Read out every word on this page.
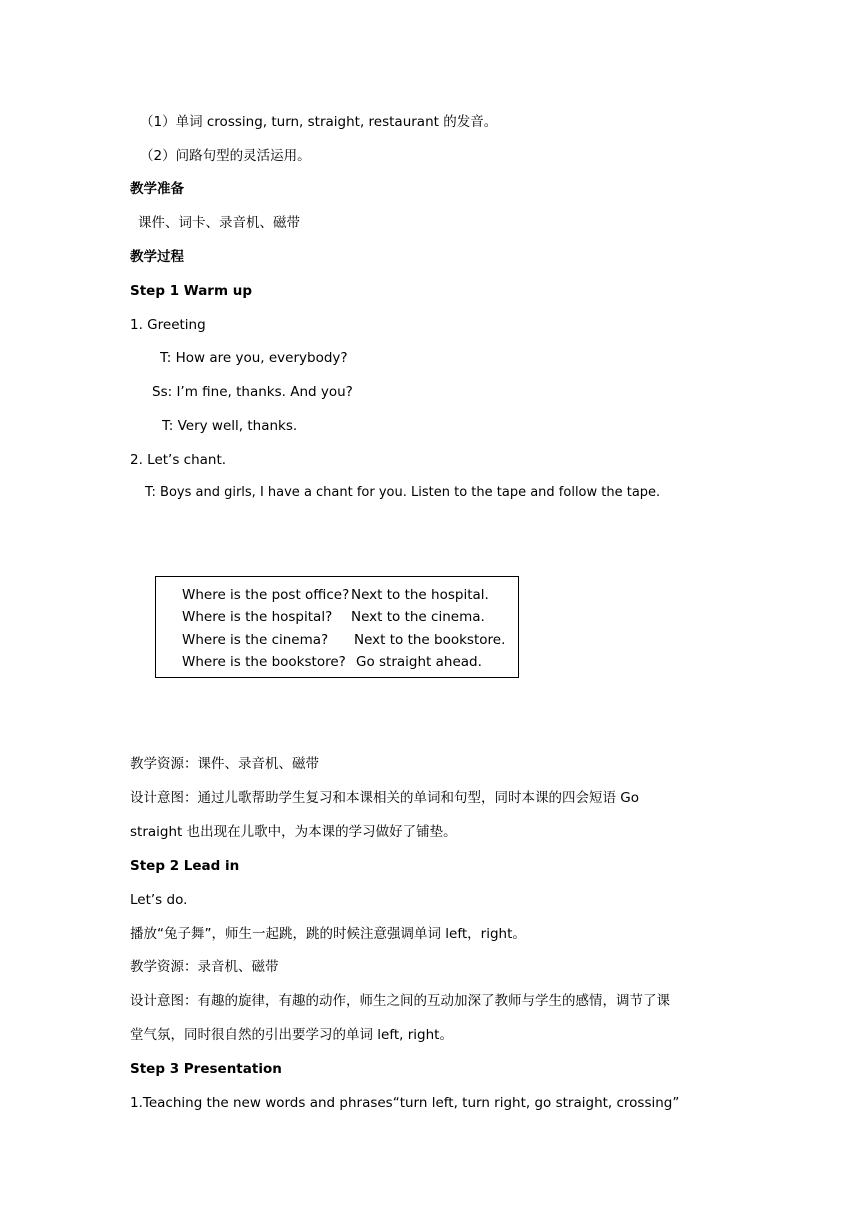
（1）单词 crossing, turn, straight, restaurant 的发音。
（2）问路句型的灵活运用。
教学准备
课件、词卡、录音机、磁带
教学过程
Step 1 Warm up
1. Greeting
T: How are you, everybody?
Ss: I’m fine, thanks. And you?
T: Very well, thanks.
2. Let’s chant.
T: Boys and girls, I have a chant for you. Listen to the tape and follow the tape.
Where is the post office? Next to the hospital.
Where is the hospital? Next to the cinema.
Where is the cinema? Next to the bookstore.
Where is the bookstore? Go straight ahead.
教学资源：课件、录音机、磁带
设计意图：通过儿歌帮助学生复习和本课相关的单词和句型，同时本课的四会短语 Go
straight 也出现在儿歌中，为本课的学习做好了铺垫。
Step 2 Lead in
Let’s do.
播放“兔子舞”，师生一起跳，跳的时候注意强调单词 left，right。
教学资源：录音机、磁带
设计意图：有趣的旋律，有趣的动作，师生之间的互动加深了教师与学生的感情，调节了课
堂气氛，同时很自然的引出要学习的单词 left, right。
Step 3 Presentation
1.Teaching the new words and phrases“turn left, turn right, go straight, crossing”
